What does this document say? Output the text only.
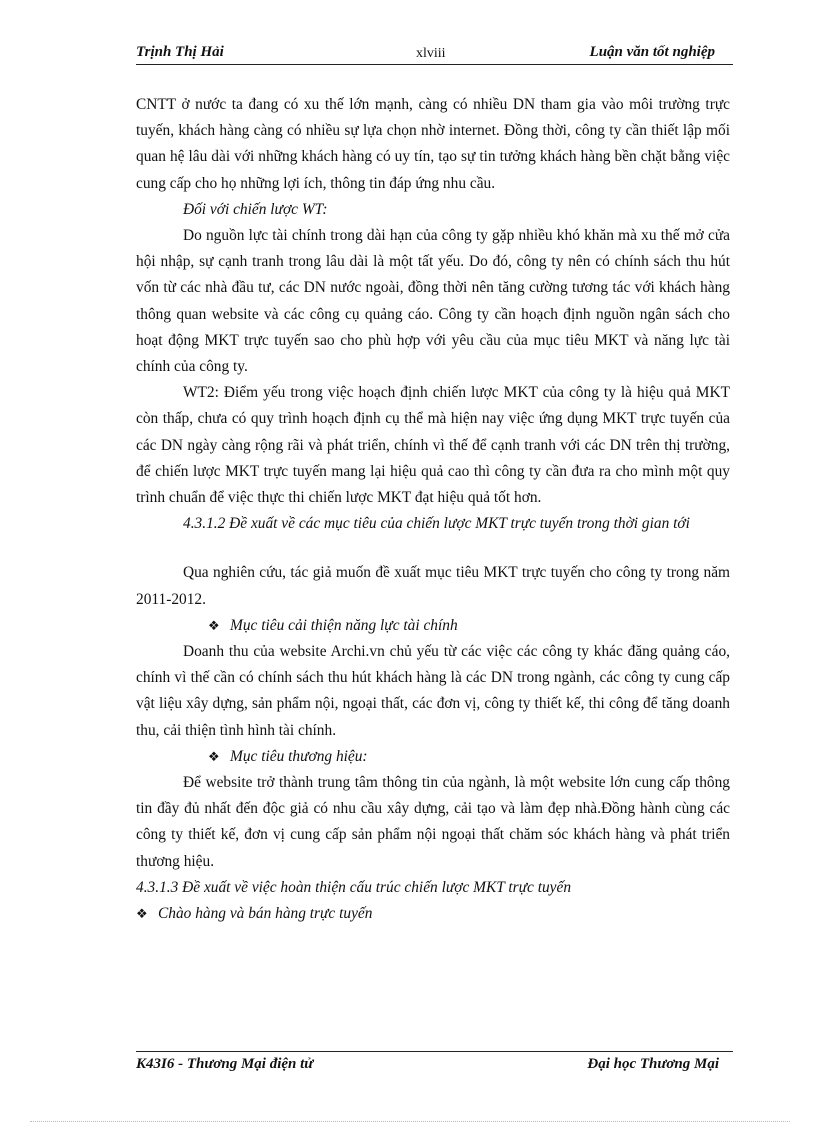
Trịnh Thị Hải	xlviii	Luận văn tốt nghiệp

CNTT ở nước ta đang có xu thế lớn mạnh, càng có nhiều DN tham gia vào môi trường trực tuyến, khách hàng càng có nhiều sự lựa chọn nhờ internet. Đồng thời, công ty cần thiết lập mối quan hệ lâu dài với những khách hàng có uy tín, tạo sự tin tưởng khách hàng bền chặt bằng việc cung cấp cho họ những lợi ích, thông tin đáp ứng nhu cầu.

Đối với chiến lược WT:

Do nguồn lực tài chính trong dài hạn của công ty gặp nhiều khó khăn mà xu thế mở cửa hội nhập, sự cạnh tranh trong lâu dài là một tất yếu. Do đó, công ty nên có chính sách thu hút vốn từ các nhà đầu tư, các DN nước ngoài, đồng thời nên tăng cường tương tác với khách hàng thông quan website và các công cụ quảng cáo. Công ty cần hoạch định nguồn ngân sách cho hoạt động MKT trực tuyến sao cho phù hợp với yêu cầu của mục tiêu MKT và năng lực tài chính của công ty.

WT2: Điểm yếu trong việc hoạch định chiến lược MKT của công ty là hiệu quả MKT còn thấp, chưa có quy trình hoạch định cụ thể mà hiện nay việc ứng dụng MKT trực tuyến của các DN ngày càng rộng rãi và phát triển, chính vì thế để cạnh tranh với các DN trên thị trường, để chiến lược MKT trực tuyến mang lại hiệu quả cao thì công ty cần đưa ra cho mình một quy trình chuẩn để việc thực thi chiến lược MKT đạt hiệu quả tốt hơn.

4.3.1.2 Đề xuất về các mục tiêu của chiến lược MKT trực tuyến trong thời gian tới

Qua nghiên cứu, tác giả muốn đề xuất mục tiêu MKT trực tuyến cho công ty trong năm 2011-2012.

❖ Mục tiêu cải thiện năng lực tài chính

Doanh thu của website Archi.vn chủ yếu từ các việc các công ty khác đăng quảng cáo, chính vì thế cần có chính sách thu hút khách hàng là các DN trong ngành, các công ty cung cấp vật liệu xây dựng, sản phẩm nội, ngoại thất, các đơn vị, công ty thiết kế, thi công để tăng doanh thu, cải thiện tình hình tài chính.

❖ Mục tiêu thương hiệu:

Để website trở thành trung tâm thông tin của ngành, là một website lớn cung cấp thông tin đầy đủ nhất đến độc giả có nhu cầu xây dựng, cải tạo và làm đẹp nhà.Đồng hành cùng các công ty thiết kế, đơn vị cung cấp sản phẩm nội ngoại thất chăm sóc khách hàng và phát triển thương hiệu.

4.3.1.3 Đề xuất về việc hoàn thiện cấu trúc chiến lược MKT trực tuyến

❖ Chào hàng và bán hàng trực tuyến
K43I6 - Thương Mại điện tử	Đại học Thương Mại
